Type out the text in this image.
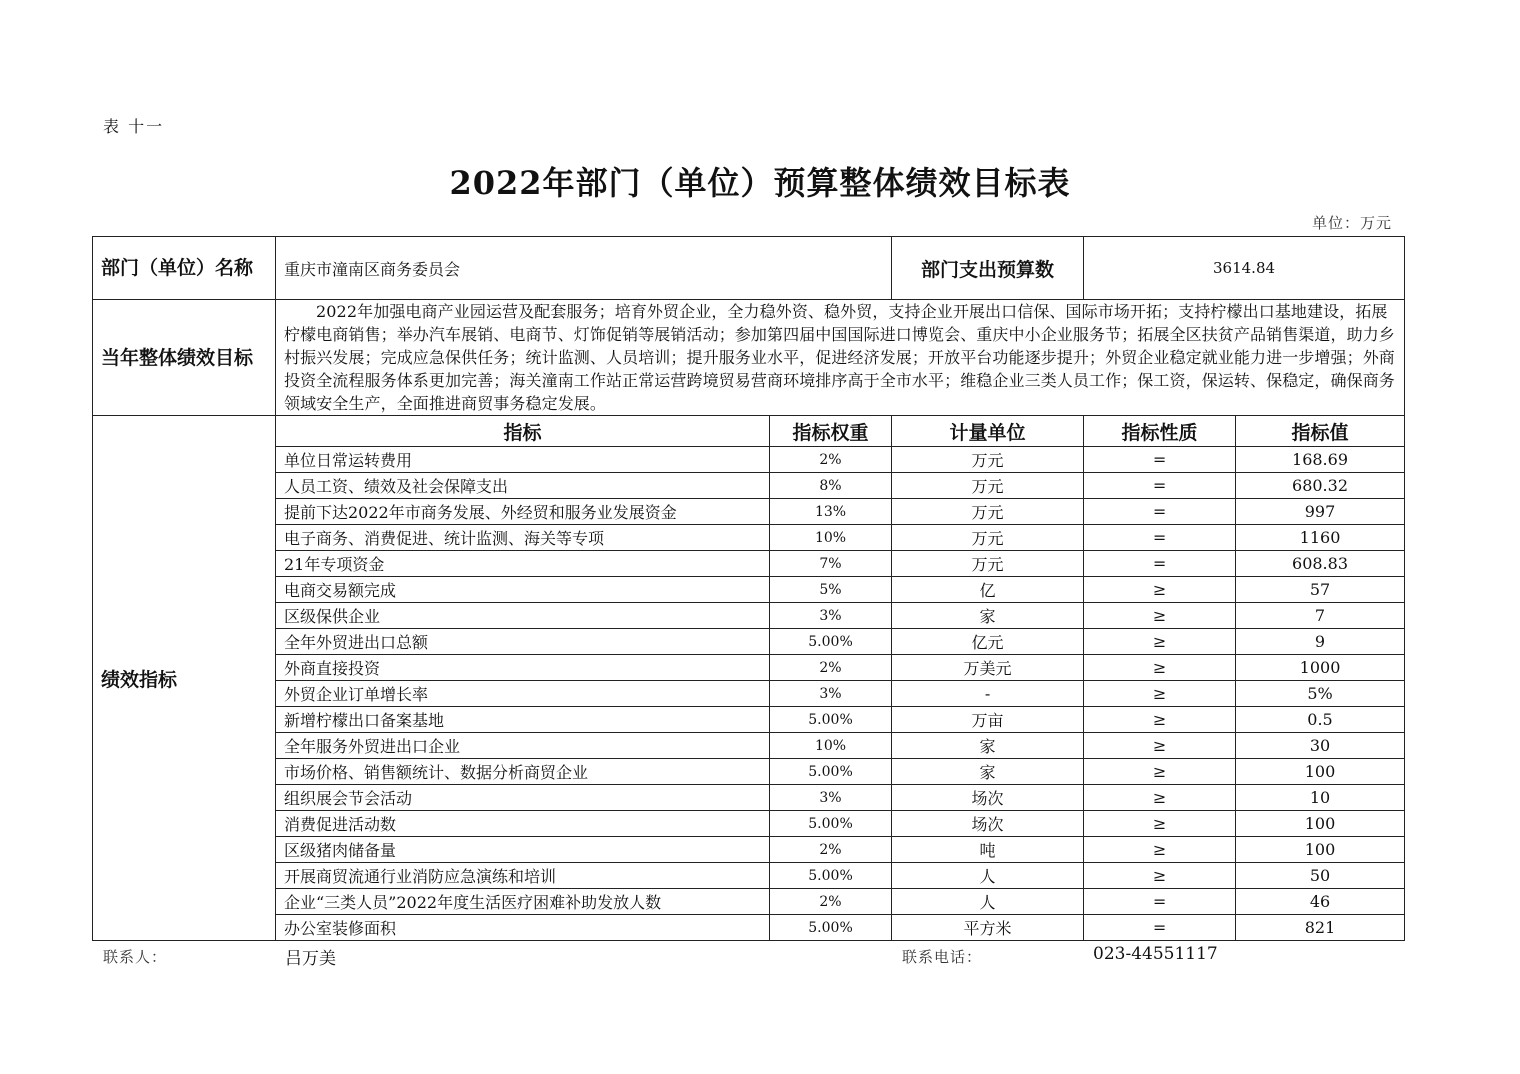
表 十一
2022年部门（单位）预算整体绩效目标表
单位：万元
部门（单位）名称	重庆市潼南区商务委员会		部门支出预算数	3614.84	
当年整体绩效目标	2022年加强电商产业园运营及配套服务；培育外贸企业，全力稳外资、稳外贸，支持企业开展出口信保、国际市场开拓；支持柠檬出口基地建设，拓展柠檬电商销售；举办汽车展销、电商节、灯饰促销等展销活动；参加第四届中国国际进口博览会、重庆中小企业服务节；拓展全区扶贫产品销售渠道，助力乡村振兴发展；完成应急保供任务；统计监测、人员培训；提升服务业水平，促进经济发展；开放平台功能逐步提升；外贸企业稳定就业能力进一步增强；外商投资全流程服务体系更加完善；海关潼南工作站正常运营跨境贸易营商环境排序高于全市水平；维稳企业三类人员工作；保工资，保运转、保稳定，确保商务领域安全生产，全面推进商贸事务稳定发展。				
绩效指标	指标	指标权重	计量单位	指标性质	指标值
	单位日常运转费用	2%	万元	=	168.69
	人员工资、绩效及社会保障支出	8%	万元	=	680.32
	提前下达2022年市商务发展、外经贸和服务业发展资金	13%	万元	=	997
	电子商务、消费促进、统计监测、海关等专项	10%	万元	=	1160
	21年专项资金	7%	万元	=	608.83
	电商交易额完成	5%	亿	≥	57
	区级保供企业	3%	家	≥	7
	全年外贸进出口总额	5.00%	亿元	≥	9
	外商直接投资	2%	万美元	≥	1000
	外贸企业订单增长率	3%	-	≥	5%
	新增柠檬出口备案基地	5.00%	万亩	≥	0.5
	全年服务外贸进出口企业	10%	家	≥	30
	市场价格、销售额统计、数据分析商贸企业	5.00%	家	≥	100
	组织展会节会活动	3%	场次	≥	10
	消费促进活动数	5.00%	场次	≥	100
	区级猪肉储备量	2%	吨	≥	100
	开展商贸流通行业消防应急演练和培训	5.00%	人	≥	50
	企业“三类人员”2022年度生活医疗困难补助发放人数	2%	人	=	46
	办公室装修面积	5.00%	平方米	=	821
联系人：	吕万美	联系电话：	023-44551117
